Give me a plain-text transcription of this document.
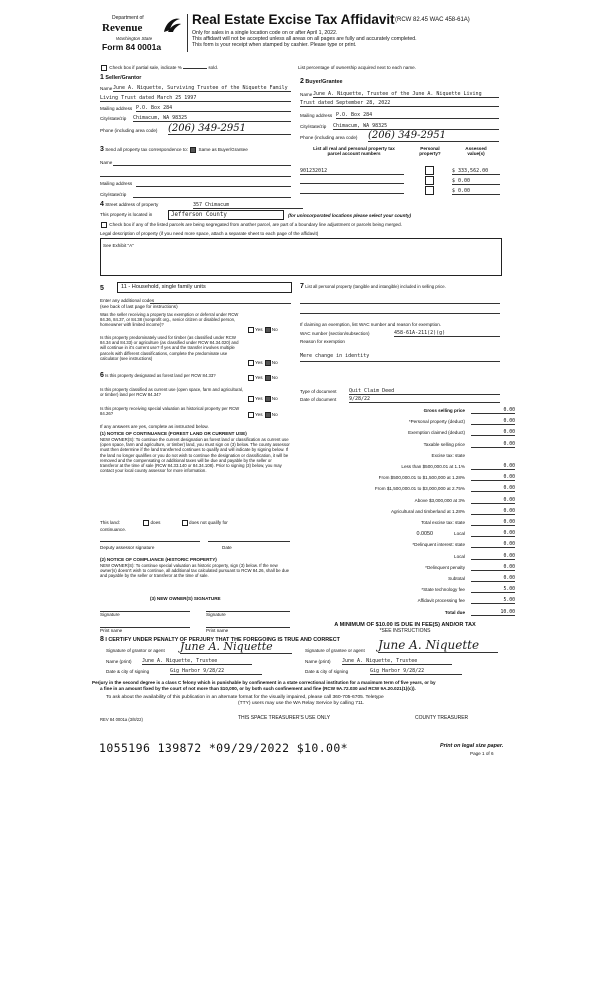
Department of
Revenue
Washington State
Form 84 0001a
Real Estate Excise Tax Affidavit (RCW 82.45 WAC 458-61A)
Only for sales in a single location code on or after April 1, 2022.
This affidavit will not be accepted unless all areas on all pages are fully and accurately completed.
This form is your receipt when stamped by cashier. Please type or print.
Check box if partial sale, indicate %	sold.	List percentage of ownership acquired next to each name.
1 Seller/Grantor
Name June A. Niquette, Surviving Trustee of the Niquette Family
Living Trust dated March 25 1997
Mailing address P.O. Box 284
City/state/zip Chimacum, WA 98325
Phone (including area code) (206) 349-2951
2 Buyer/Grantee
Name June A. Niquette, Trustee of the June A. Niquette Living
Trust dated September 28, 2022
Mailing address P.O. Box 284
City/state/zip Chimacum, WA 98325
Phone (including area code) (206) 349-2951
3 Send all property tax correspondence to: Same as Buyer/Grantee
Name
Mailing address
City/state/zip
List all real and personal property tax
parcel account numbers
Personal
property?
Assessed
value(s)
901232012	$ 333,562.00
$ 0.00
$ 0.00
4 Street address of property	357 Chimacum
This property is located in	Jefferson County	(for unincorporated locations please select your county)
Check box if any of the listed parcels are being segregated from another parcel, are part of a boundary line adjustment or parcels being merged.
Legal description of property (if you need more space, attach a separate sheet to each page of the affidavit)
See Exhibit "A"
5	11 - Household, single family units
Enter any additional codes
(see back of last page for instructions)
Was the seller receiving a property tax exemption or deferral under RCW 84.36, 84.37, or 84.38 (nonprofit org., senior citizen or disabled person, homeowner with limited income)?
Yes No
Is this property predominately used for timber (as classified under RCW 84.34 and 84.33) or agriculture (as classified under RCW 84.34.020) and will continue in it's current use? If yes and the transfer involves multiple parcels with different classifications, complete the predominate use calculator (see instructions)
Yes No
6 Is this property designated as forest land per RCW 84.33?	Yes No
Is this property classified as current use (open space, farm and agricultural, or timber) land per RCW 84.34?
Yes No
Is this property receiving special valuation as historical property per RCW 84.26?	Yes No
If any answers are yes, complete as instructed below.
(1) NOTICE OF CONTINUANCE (FOREST LAND OR CURRENT USE)
NEW OWNER(S): To continue the current designation as forest land or classification as current use (open space, farm and agriculture, or timber) land, you must sign on (3) below. The county assessor must then determine if the land transferred continues to qualify and will indicate by signing below. If the land no longer qualifies or you do not wish to continue the designation or classification, it will be removed and the compensating or additional taxes will be due and payable by the seller or transferor at the time of sale (RCW 84.33.140 or 84.34.108). Prior to signing (3) below, you may contact your local county assessor for more information.
This land:	does	does not qualify for
continuance.
Deputy assessor signature	Date
(2) NOTICE OF COMPLIANCE (HISTORIC PROPERTY)
NEW OWNER(S): To continue special valuation as historic property, sign (3) below. If the new owner(s) doesn't wish to continue, all additional tax calculated pursuant to RCW 84.26, shall be due and payable by the seller or transferor at the time of sale.
(3) NEW OWNER(S) SIGNATURE
Signature	Signature
Print name	Print name
7 List all personal property (tangible and intangible) included in selling price.
If claiming an exemption, list WAC number and reason for exemption.
WAC number (section/subsection)	458-61A-211(2)(g)
Reason for exemption
Mere change in identity
Type of document Quit Claim Deed
Date of document	9/28/22
Gross selling price	0.00
*Personal property (deduct)	0.00
Exemption claimed (deduct)	0.00
Taxable selling price	0.00
Excise tax: state
Less than $500,000.01 at 1.1%	0.00
From $500,000.01 to $1,500,000 at 1.28%	0.00
From $1,500,000.01 to $3,000,000 at 2.75%	0.00
Above $3,000,000 at 3%	0.00
Agricultural and timberland at 1.28%	0.00
Total excise tax: state	0.00
Local
0.0050	0.00
*Delinquent interest: state	0.00
Local	0.00
*Delinquent penalty	0.00
Subtotal	0.00
*State technology fee	5.00
Affidavit processing fee	5.00
Total due	10.00
A MINIMUM OF $10.00 IS DUE IN FEE(S) AND/OR TAX
*SEE INSTRUCTIONS
8 I CERTIFY UNDER PENALTY OF PERJURY THAT THE FOREGOING IS TRUE AND CORRECT
Signature of grantor or agent June A. Niquette
Name (print) June A. Niquette, Trustee
Date & city of signing	Gig Harbor 9/28/22
Signature of grantee or agent June A. Niquette
Name (print) June A. Niquette, Trustee
Date & city of signing	Gig Harbor 9/28/22
Perjury in the second degree is a class C felony which is punishable by confinement in a state correctional institution for a maximum term of five years, or by
a fine in an amount fixed by the court of not more than $10,000, or by both such confinement and fine (RCW 9A.72.030 and RCW 9A.20.021(1)(c)).
To ask about the availability of this publication in an alternate format for the visually impaired, please call 360-705-6705. Teletype
(TTY) users may use the WA Relay Service by calling 711.
REV 84 0001a (3/8/22)	THIS SPACE TREASURER'S USE ONLY	COUNTY TREASURER
1055196 139872 *09/29/2022 $10.00*	Print on legal size paper.
Page 1 of 6
